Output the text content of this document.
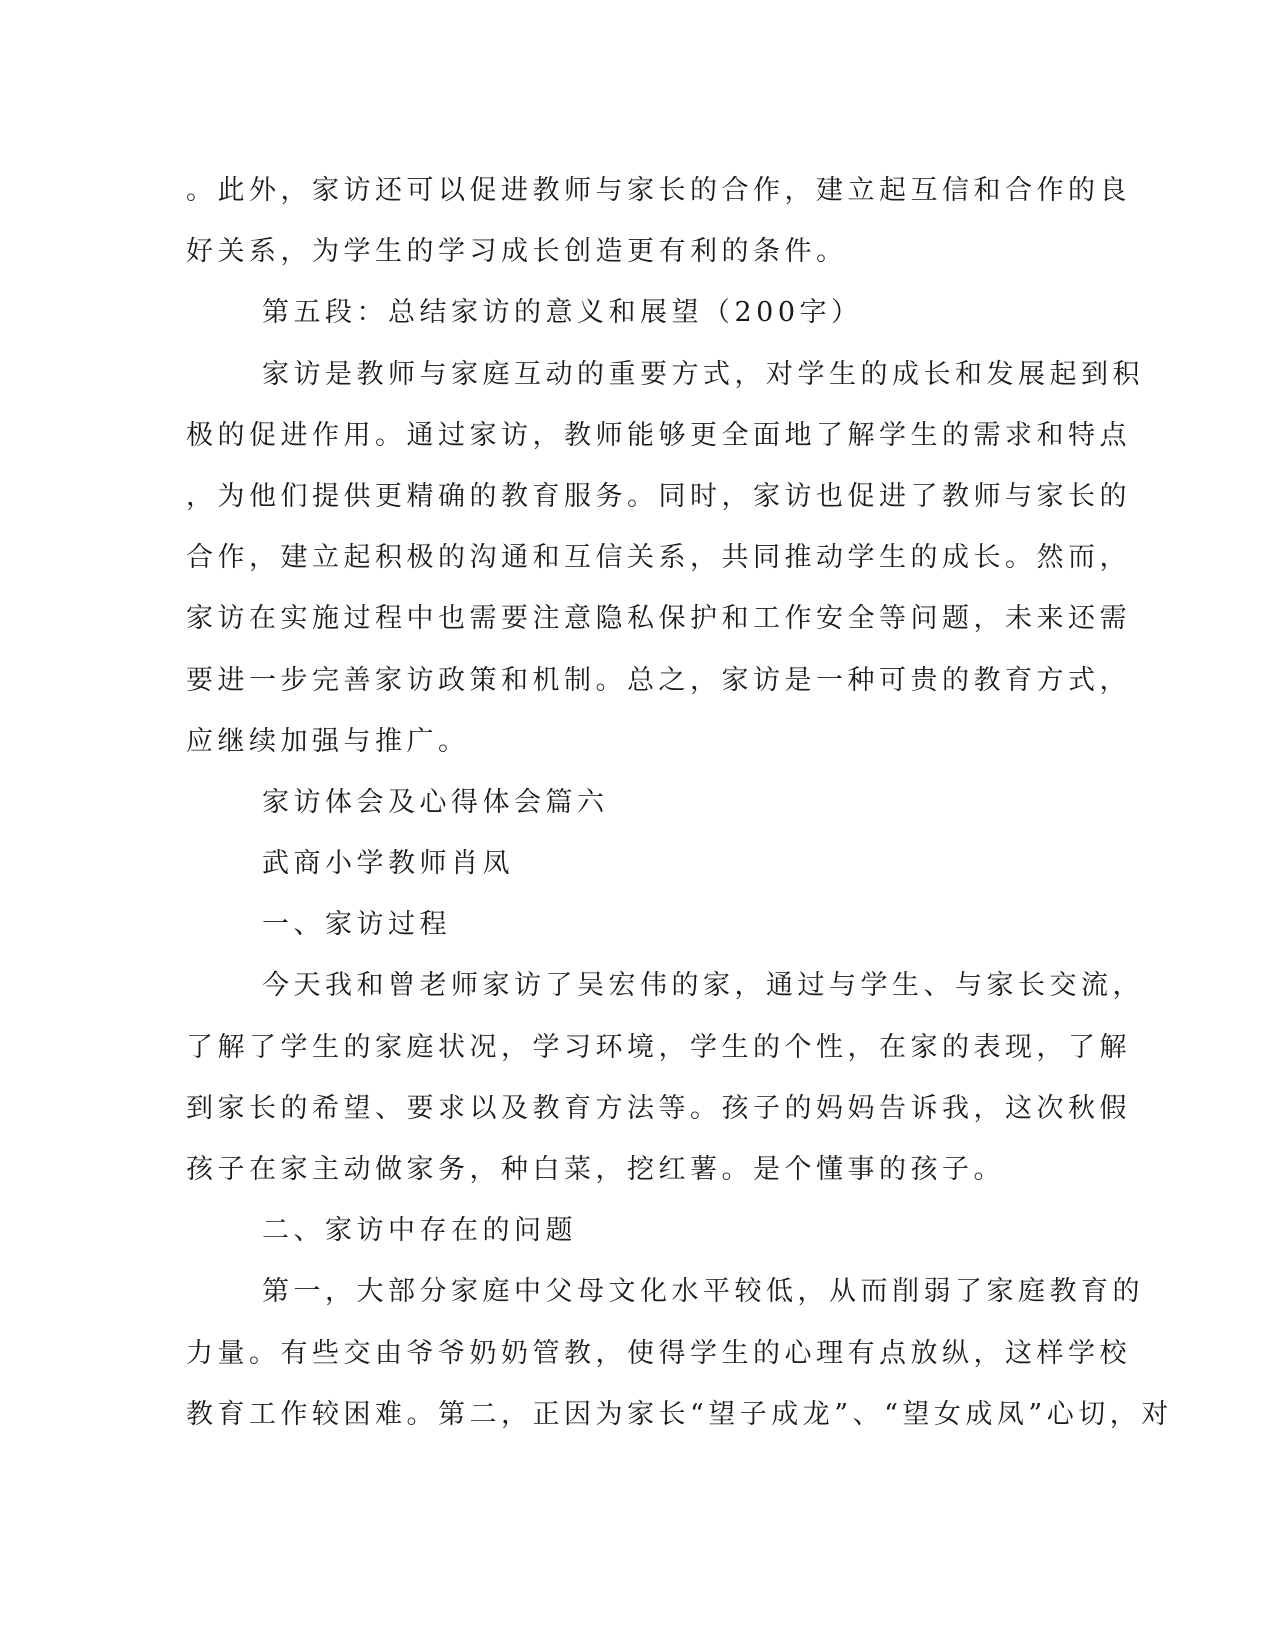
。此外，家访还可以促进教师与家长的合作，建立起互信和合作的良
好关系，为学生的学习成长创造更有利的条件。
第五段：总结家访的意义和展望（200字）
家访是教师与家庭互动的重要方式，对学生的成长和发展起到积
极的促进作用。通过家访，教师能够更全面地了解学生的需求和特点
，为他们提供更精确的教育服务。同时，家访也促进了教师与家长的
合作，建立起积极的沟通和互信关系，共同推动学生的成长。然而，
家访在实施过程中也需要注意隐私保护和工作安全等问题，未来还需
要进一步完善家访政策和机制。总之，家访是一种可贵的教育方式，
应继续加强与推广。
家访体会及心得体会篇六
武商小学教师肖凤
一、家访过程
今天我和曾老师家访了吴宏伟的家，通过与学生、与家长交流，
了解了学生的家庭状况，学习环境，学生的个性，在家的表现，了解
到家长的希望、要求以及教育方法等。孩子的妈妈告诉我，这次秋假
孩子在家主动做家务，种白菜，挖红薯。是个懂事的孩子。
二、家访中存在的问题
第一，大部分家庭中父母文化水平较低，从而削弱了家庭教育的
力量。有些交由爷爷奶奶管教，使得学生的心理有点放纵，这样学校
教育工作较困难。第二，正因为家长“望子成龙”、“望女成凤”心切，对
